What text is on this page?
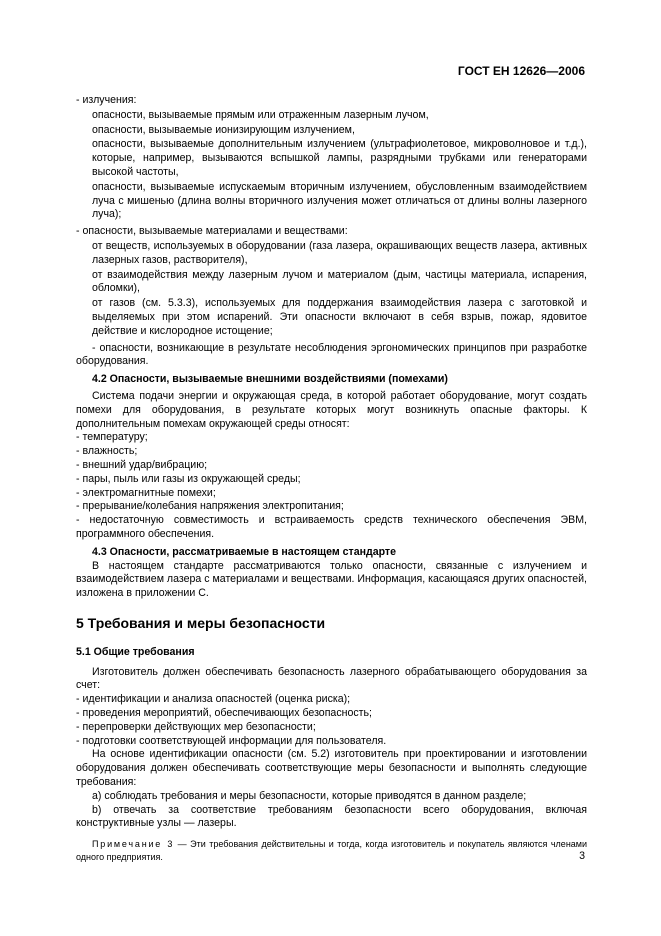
ГОСТ ЕН 12626—2006

- излучения:

опасности, вызываемые прямым или отраженным лазерным лучом,

опасности, вызываемые ионизирующим излучением,

опасности, вызываемые дополнительным излучением (ультрафиолетовое, микроволновое и т.д.), которые, например, вызываются вспышкой лампы, разрядными трубками или генераторами высокой частоты,

опасности, вызываемые испускаемым вторичным излучением, обусловленным взаимодействием луча с мишенью (длина волны вторичного излучения может отличаться от длины волны лазерного луча);

- опасности, вызываемые материалами и веществами:

от веществ, используемых в оборудовании (газа лазера, окрашивающих веществ лазера, активных лазерных газов, растворителя),

от взаимодействия между лазерным лучом и материалом (дым, частицы материала, испарения, обломки),

от газов (см. 5.3.3), используемых для поддержания взаимодействия лазера с заготовкой и выделяемых при этом испарений. Эти опасности включают в себя взрыв, пожар, ядовитое действие и кислородное истощение;

- опасности, возникающие в результате несоблюдения эргономических принципов при разработке оборудования.

4.2 Опасности, вызываемые внешними воздействиями (помехами)

Система подачи энергии и окружающая среда, в которой работает оборудование, могут создать помехи для оборудования, в результате которых могут возникнуть опасные факторы. К дополнительным помехам окружающей среды относят:

- температуру;

- влажность;

- внешний удар/вибрацию;

- пары, пыль или газы из окружающей среды;

- электромагнитные помехи;

- прерывание/колебания напряжения электропитания;

- недостаточную совместимость и встраиваемость средств технического обеспечения ЭВМ, программного обеспечения.

4.3 Опасности, рассматриваемые в настоящем стандарте

В настоящем стандарте рассматриваются только опасности, связанные с излучением и взаимодействием лазера с материалами и веществами. Информация, касающаяся других опасностей, изложена в приложении С.

5 Требования и меры безопасности

5.1 Общие требования

Изготовитель должен обеспечивать безопасность лазерного обрабатывающего оборудования за счет:

- идентификации и анализа опасностей (оценка риска);

- проведения мероприятий, обеспечивающих безопасность;

- перепроверки действующих мер безопасности;

- подготовки соответствующей информации для пользователя.

На основе идентификации опасности (см. 5.2) изготовитель при проектировании и изготовлении оборудования должен обеспечивать соответствующие меры безопасности и выполнять следующие требования:

а) соблюдать требования и меры безопасности, которые приводятся в данном разделе;

b) отвечать за соответствие требованиям безопасности всего оборудования, включая конструктивные узлы — лазеры.

Примечание 3 — Эти требования действительны и тогда, когда изготовитель и покупатель являются членами одного предприятия.	3
